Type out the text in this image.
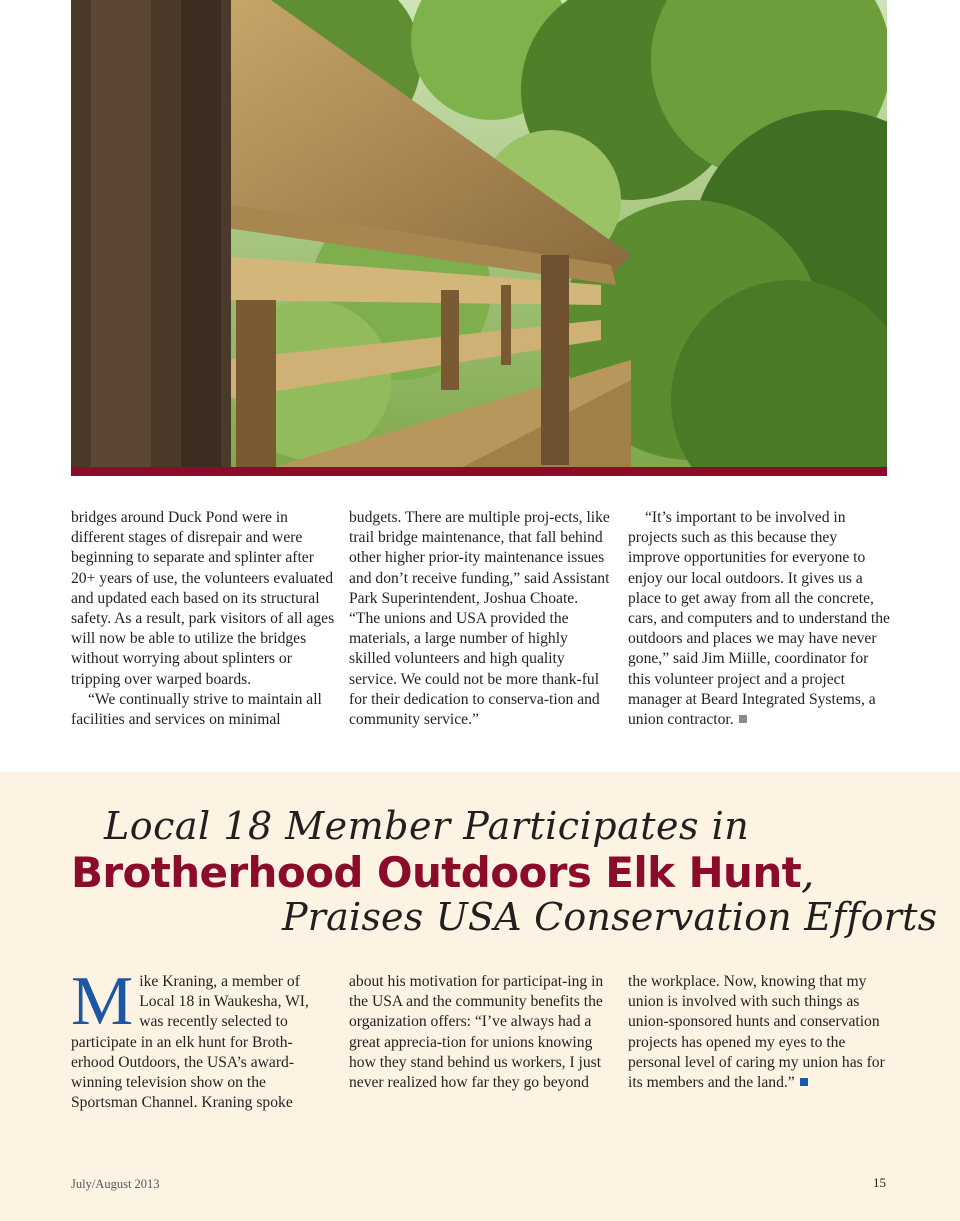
bridges around Duck Pond were in different stages of disrepair and were beginning to separate and splinter after 20+ years of use, the volunteers evaluated and updated each based on its structural safety. As a result, park visitors of all ages will now be able to utilize the bridges without worrying about splinters or tripping over warped boards.

“We continually strive to maintain all facilities and services on minimal

budgets. There are multiple proj-ects, like trail bridge maintenance, that fall behind other higher prior-ity maintenance issues and don’t receive funding,” said Assistant Park Superintendent, Joshua Choate. “The unions and USA provided the materials, a large number of highly skilled volunteers and high quality service. We could not be more thank-ful for their dedication to conserva-tion and community service.”

“It’s important to be involved in projects such as this because they improve opportunities for everyone to enjoy our local outdoors. It gives us a place to get away from all the concrete, cars, and computers and to understand the outdoors and places we may have never gone,” said Jim Miille, coordinator for this volunteer project and a project manager at Beard Integrated Systems, a union contractor.

Local 18 Member Participates in
Brotherhood Outdoors Elk Hunt,
Praises USA Conservation Efforts

Mike Kraning, a member of Local 18 in Waukesha, WI, was recently selected to participate in an elk hunt for Broth-erhood Outdoors, the USA’s award-winning television show on the Sportsman Channel. Kraning spoke

about his motivation for participat-ing in the USA and the community benefits the organization offers: “I’ve always had a great apprecia-tion for unions knowing how they stand behind us workers, I just never realized how far they go beyond

the workplace. Now, knowing that my union is involved with such things as union-sponsored hunts and conservation projects has opened my eyes to the personal level of caring my union has for its members and the land.”

July/August 2013	15
